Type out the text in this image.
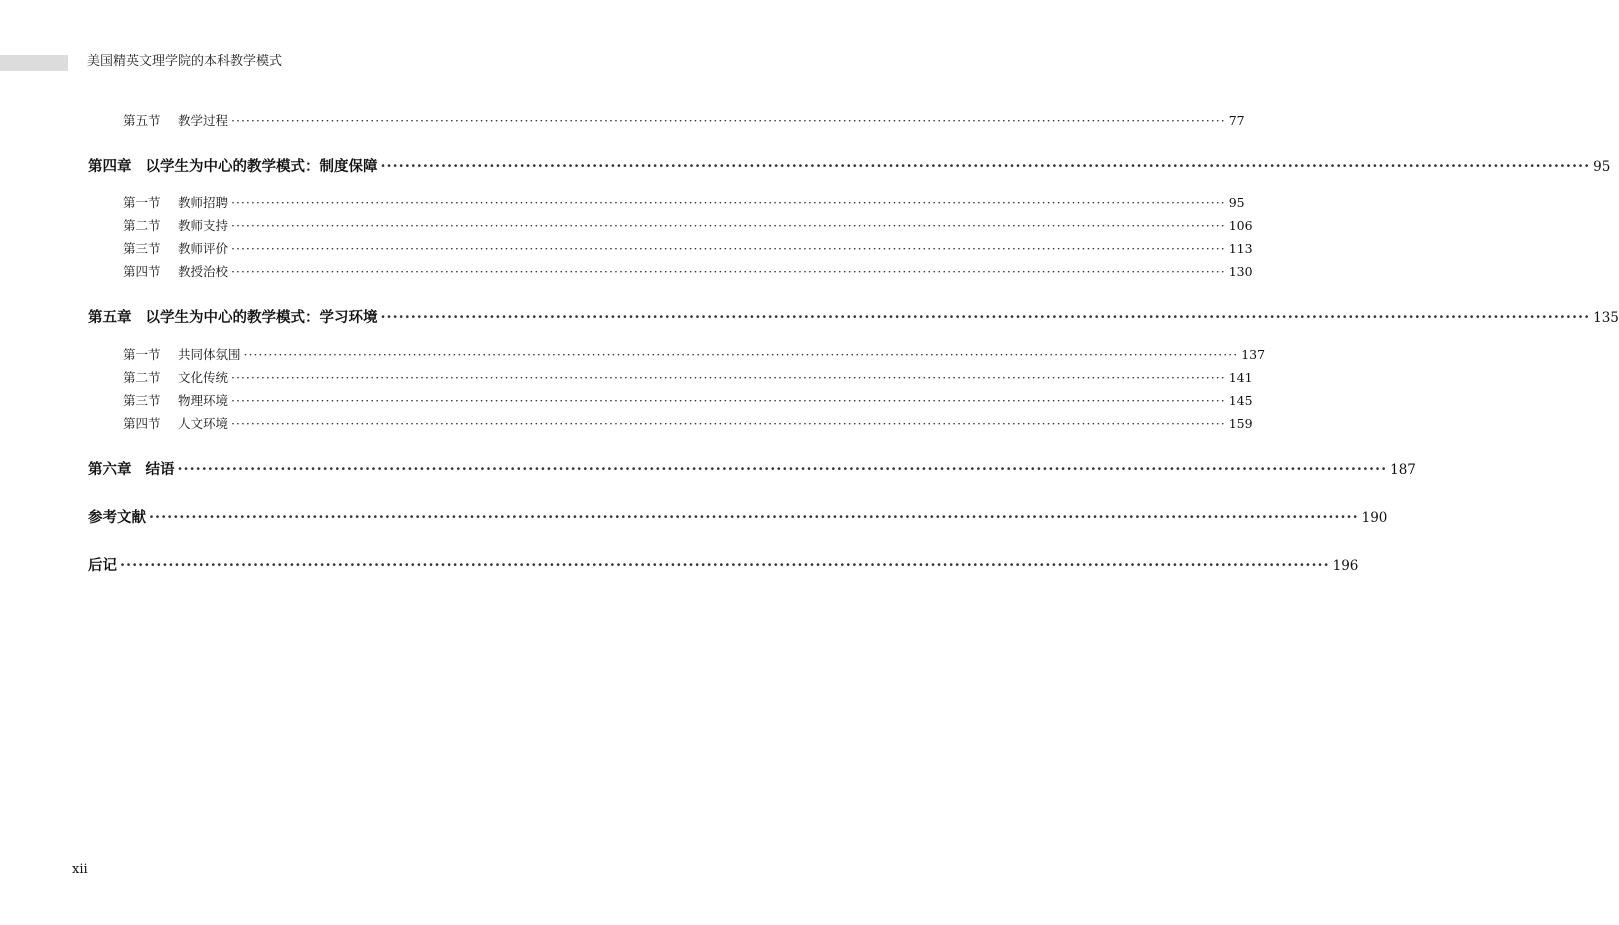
美国精英文理学院的本科教学模式
第五节 教学过程 ········································································································································································································ 77
第四章 以学生为中心的教学模式：制度保障 ········································································································································································································ 95
第一节 教师招聘 ········································································································································································································ 95
第二节 教师支持 ········································································································································································································ 106
第三节 教师评价 ········································································································································································································ 113
第四节 教授治校 ········································································································································································································ 130
第五章 以学生为中心的教学模式：学习环境 ········································································································································································································ 135
第一节 共同体氛围 ········································································································································································································ 137
第二节 文化传统 ········································································································································································································ 141
第三节 物理环境 ········································································································································································································ 145
第四节 人文环境 ········································································································································································································ 159
第六章 结语 ········································································································································································································ 187
参考文献 ········································································································································································································ 190
后记 ········································································································································································································ 196
xii
